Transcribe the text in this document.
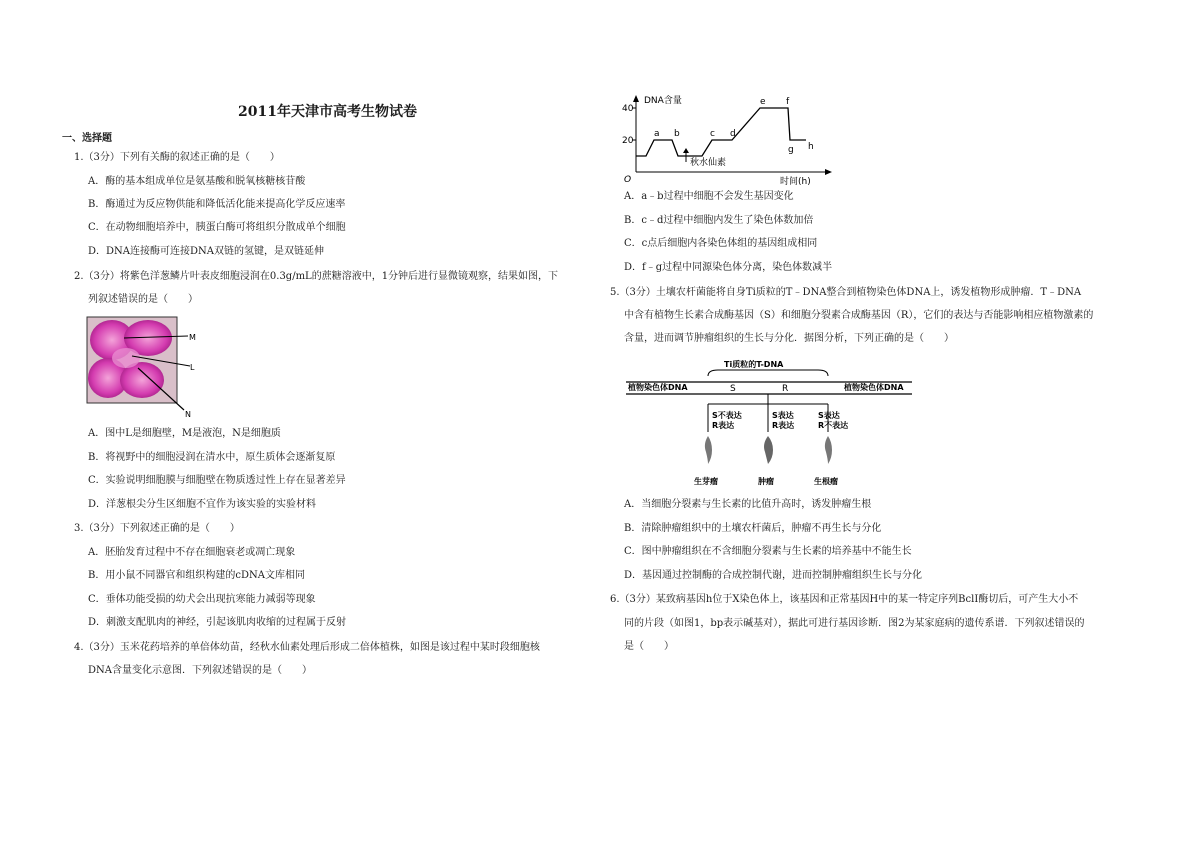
2011年天津市高考生物试卷
一、选择题
1.（3分）下列有关酶的叙述正确的是（　　）
A．酶的基本组成单位是氨基酸和脱氧核糖核苷酸
B．酶通过为反应物供能和降低活化能来提高化学反应速率
C．在动物细胞培养中，胰蛋白酶可将组织分散成单个细胞
D．DNA连接酶可连接DNA双链的氢键，是双链延伸
2.（3分）将紫色洋葱鳞片叶表皮细胞浸润在0.3g/mL的蔗糖溶液中，1分钟后进行显微镜观察，结果如图，下
列叙述错误的是（　　）
M
L
N
A．图中L是细胞壁，M是液泡，N是细胞质
B．将视野中的细胞浸润在清水中，原生质体会逐渐复原
C．实验说明细胞膜与细胞壁在物质透过性上存在显著差异
D．洋葱根尖分生区细胞不宜作为该实验的实验材料
3.（3分）下列叙述正确的是（　　）
A．胚胎发育过程中不存在细胞衰老或凋亡现象
B．用小鼠不同器官和组织构建的cDNA文库相同
C．垂体功能受损的幼犬会出现抗寒能力减弱等现象
D．刺激支配肌肉的神经，引起该肌肉收缩的过程属于反射
4.（3分）玉米花药培养的单倍体幼苗，经秋水仙素处理后形成二倍体植株，如图是该过程中某时段细胞核
DNA含量变化示意图．下列叙述错误的是（　　）
40
20
DNA含量
O	时间(h)
秋水仙素
a b	c d
e f
g h
A．a﹣b过程中细胞不会发生基因变化
B．c﹣d过程中细胞内发生了染色体数加倍
C．c点后细胞内各染色体组的基因组成相同
D．f﹣g过程中同源染色体分离，染色体数减半
5.（3分）土壤农杆菌能将自身Ti质粒的T﹣DNA整合到植物染色体DNA上，诱发植物形成肿瘤．T﹣DNA
中含有植物生长素合成酶基因（S）和细胞分裂素合成酶基因（R），它们的表达与否能影响相应植物激素的
含量，进而调节肿瘤组织的生长与分化．据图分析，下列正确的是（　　）
Ti质粒的T-DNA
植物染色体DNA	植物染色体DNA
S	R
S不表达
R表达
S表达
R表达
S表达
R不表达
生芽瘤	肿瘤	生根瘤
A．当细胞分裂素与生长素的比值升高时，诱发肿瘤生根
B．清除肿瘤组织中的土壤农杆菌后，肿瘤不再生长与分化
C．图中肿瘤组织在不含细胞分裂素与生长素的培养基中不能生长
D．基因通过控制酶的合成控制代谢，进而控制肿瘤组织生长与分化
6.（3分）某致病基因h位于X染色体上，该基因和正常基因H中的某一特定序列BclI酶切后，可产生大小不
同的片段（如图1，bp表示碱基对），据此可进行基因诊断．图2为某家庭病的遗传系谱．下列叙述错误的
是（　　）
